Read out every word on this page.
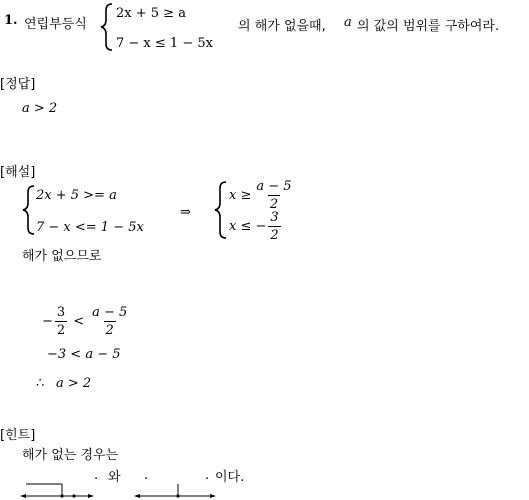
1. 연립부등식
2x + 5 ≥ a
7 − x ≤ 1 − 5x
의 해가 없을때, a 의 값의 범위를 구하여라.
[정답]
a > 2
[해설]
2x + 5 >= a
7 − x <= 1 − 5x
⇒
$x \ge \frac{a - 5}{2}$
x ≤ − $\frac{3}{2}$
해가 없으므로
− $\frac{3}{2} < \frac{a - 5}{2}$
−3 < a − 5
∴ a > 2
[힌트]
해가 없는 경우는
. 와 .	. 이다.
